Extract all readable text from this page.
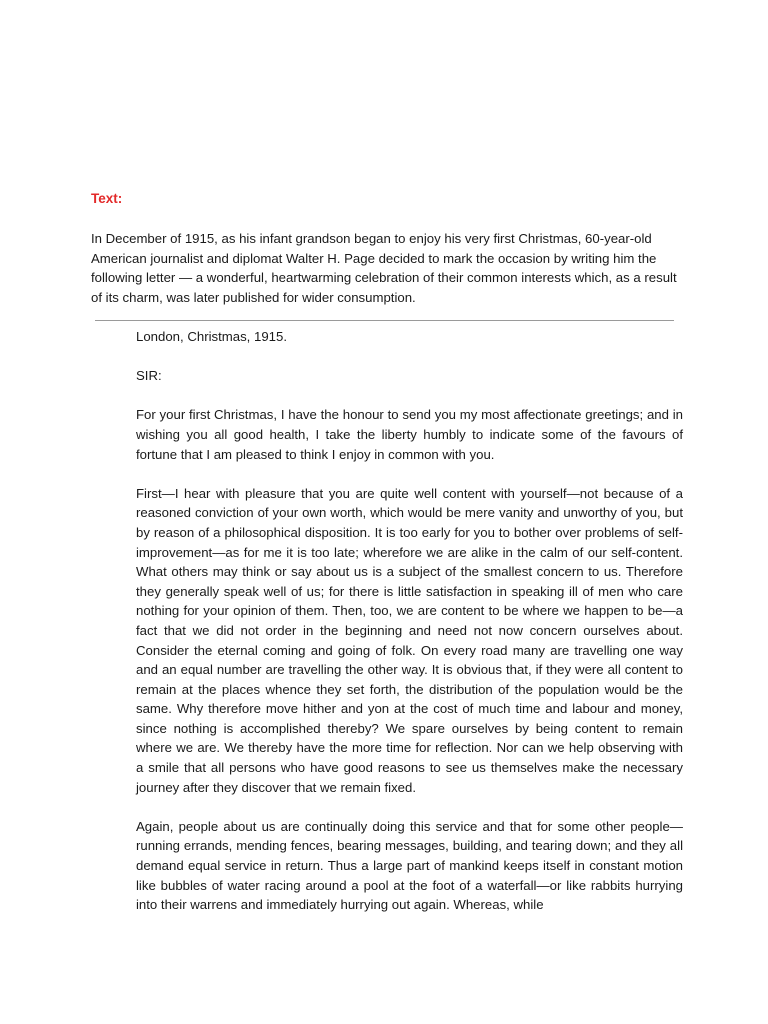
Text:

In December of 1915, as his infant grandson began to enjoy his very first Christmas, 60-year-old American journalist and diplomat Walter H. Page decided to mark the occasion by writing him the following letter — a wonderful, heartwarming celebration of their common interests which, as a result of its charm, was later published for wider consumption.

London, Christmas, 1915.

SIR:

For your first Christmas, I have the honour to send you my most affectionate greetings; and in wishing you all good health, I take the liberty humbly to indicate some of the favours of fortune that I am pleased to think I enjoy in common with you.

First—I hear with pleasure that you are quite well content with yourself—not because of a reasoned conviction of your own worth, which would be mere vanity and unworthy of you, but by reason of a philosophical disposition. It is too early for you to bother over problems of self-improvement—as for me it is too late; wherefore we are alike in the calm of our self-content. What others may think or say about us is a subject of the smallest concern to us. Therefore they generally speak well of us; for there is little satisfaction in speaking ill of men who care nothing for your opinion of them. Then, too, we are content to be where we happen to be—a fact that we did not order in the beginning and need not now concern ourselves about. Consider the eternal coming and going of folk. On every road many are travelling one way and an equal number are travelling the other way. It is obvious that, if they were all content to remain at the places whence they set forth, the distribution of the population would be the same. Why therefore move hither and yon at the cost of much time and labour and money, since nothing is accomplished thereby? We spare ourselves by being content to remain where we are. We thereby have the more time for reflection. Nor can we help observing with a smile that all persons who have good reasons to see us themselves make the necessary journey after they discover that we remain fixed.

Again, people about us are continually doing this service and that for some other people—running errands, mending fences, bearing messages, building, and tearing down; and they all demand equal service in return. Thus a large part of mankind keeps itself in constant motion like bubbles of water racing around a pool at the foot of a waterfall—or like rabbits hurrying into their warrens and immediately hurrying out again. Whereas, while
